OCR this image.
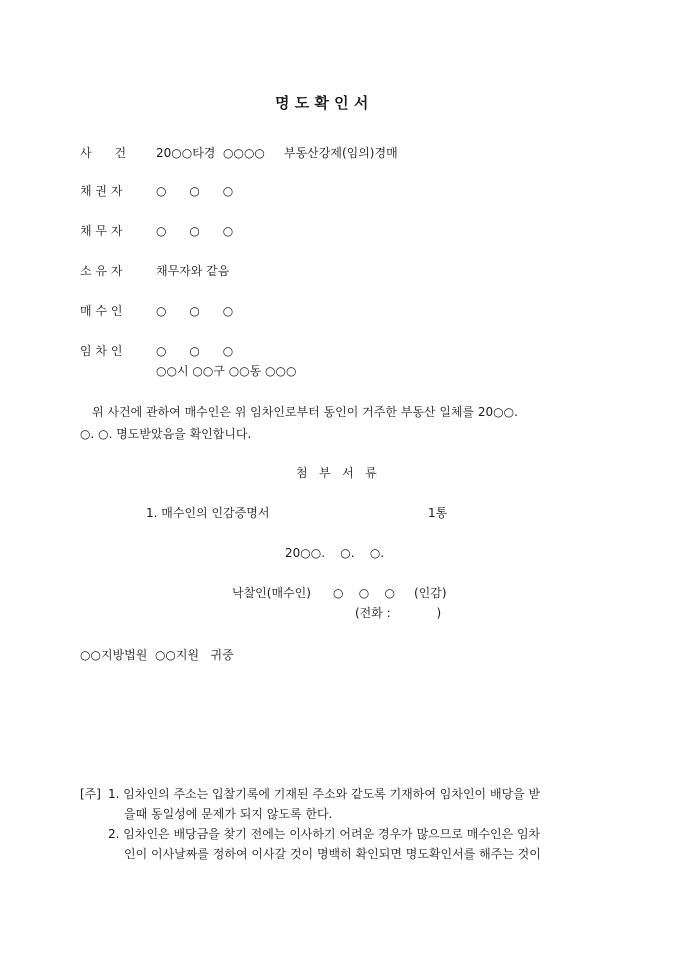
명 도 확 인 서
사      건 20○○타경  ○○○○     부동산강제(임의)경매
채 권 자	○      ○      ○
채 무 자	○      ○      ○
소 유 자	채무자와 같음
매 수 인	○      ○      ○
임 차 인	○      ○      ○
○○시 ○○구 ○○동 ○○○
위 사건에 관하여 매수인은 위 임차인로부터 동인이 거주한 부동산 일체를 20○○.
○. ○. 명도받았음을 확인합니다.
첨   부   서   류
1. 매수인의 인감증명서	1통
20○○.    ○.    ○.
낙찰인(매수인) ○    ○    ○ (인감)
(전화 :            )
○○지방법원  ○○지원   귀중
[주] 1. 임차인의 주소는 입찰기록에 기재된 주소와 같도록 기재하여 임차인이 배당을 받
을때 동일성에 문제가 되지 않도록 한다.
2. 임차인은 배당금을 찾기 전에는 이사하기 어려운 경우가 많으므로 매수인은 임차
인이 이사날짜를 정하여 이사갈 것이 명백히 확인되면 명도확인서를 해주는 것이
